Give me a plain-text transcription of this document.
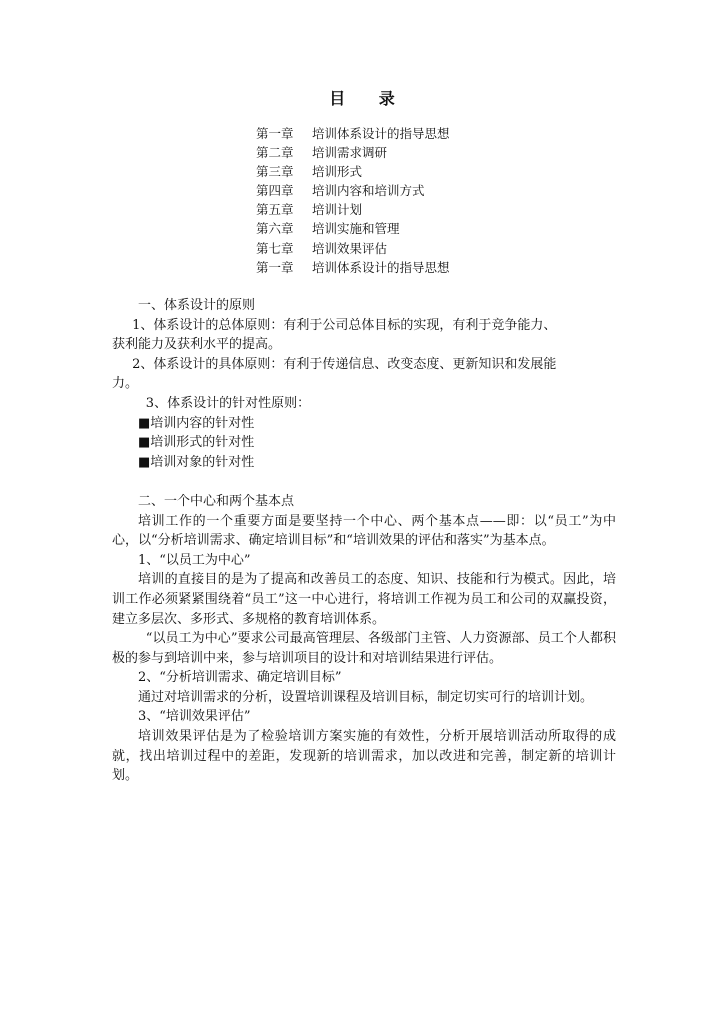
目 录
第一章 培训体系设计的指导思想
第二章 培训需求调研
第三章 培训形式
第四章 培训内容和培训方式
第五章 培训计划
第六章 培训实施和管理
第七章 培训效果评估
第一章 培训体系设计的指导思想

一、体系设计的原则

1、体系设计的总体原则：有利于公司总体目标的实现，有利于竞争能力、

获利能力及获利水平的提高。

2、体系设计的具体原则：有利于传递信息、改变态度、更新知识和发展能

力。

3、体系设计的针对性原则：

■培训内容的针对性

■培训形式的针对性

■培训对象的针对性

二、一个中心和两个基本点

培训工作的一个重要方面是要坚持一个中心、两个基本点——即：以“员工”为中心，以“分析培训需求、确定培训目标”和“培训效果的评估和落实”为基本点。

1、“以员工为中心”

培训的直接目的是为了提高和改善员工的态度、知识、技能和行为模式。因此，培训工作必须紧紧围绕着“员工”这一中心进行，将培训工作视为员工和公司的双赢投资，建立多层次、多形式、多规格的教育培训体系。

“以员工为中心”要求公司最高管理层、各级部门主管、人力资源部、员工个人都积极的参与到培训中来，参与培训项目的设计和对培训结果进行评估。

2、“分析培训需求、确定培训目标”

通过对培训需求的分析，设置培训课程及培训目标，制定切实可行的培训计划。

3、“培训效果评估”

培训效果评估是为了检验培训方案实施的有效性，分析开展培训活动所取得的成就，找出培训过程中的差距，发现新的培训需求，加以改进和完善，制定新的培训计划。
